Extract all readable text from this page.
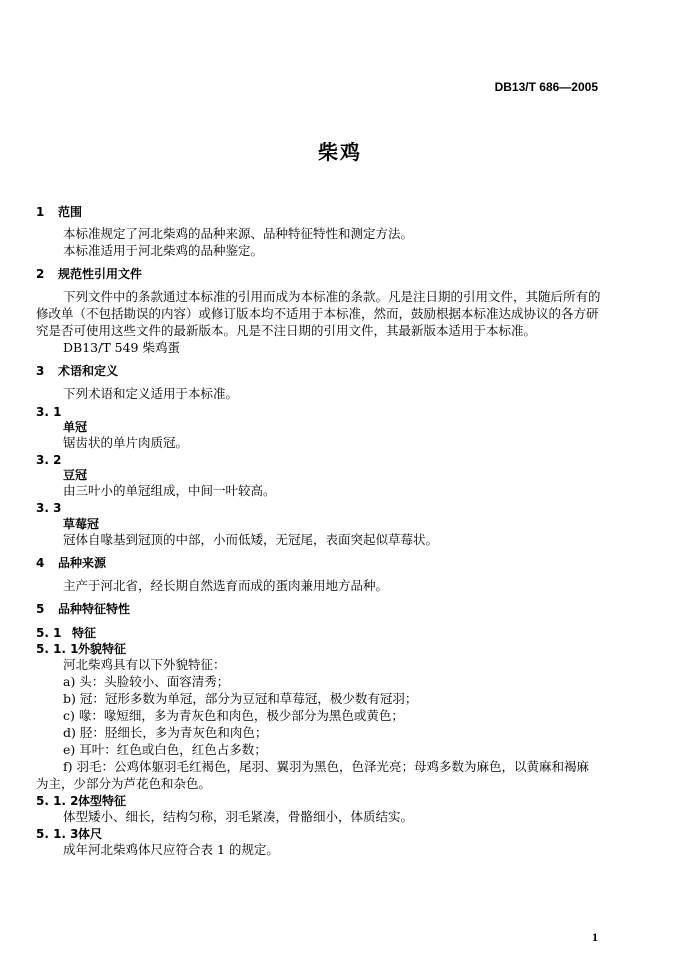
DB13/T 686—2005
柴鸡
1 范围
本标准规定了河北柴鸡的品种来源、品种特征特性和测定方法。
本标准适用于河北柴鸡的品种鉴定。
2 规范性引用文件
下列文件中的条款通过本标准的引用而成为本标准的条款。凡是注日期的引用文件，其随后所有的
修改单（不包括勘误的内容）或修订版本均不适用于本标准，然而，鼓励根据本标准达成协议的各方研
究是否可使用这些文件的最新版本。凡是不注日期的引用文件，其最新版本适用于本标准。
DB13/T 549 柴鸡蛋
3 术语和定义
下列术语和定义适用于本标准。
3. 1
单冠
锯齿状的单片肉质冠。
3. 2
豆冠
由三叶小的单冠组成，中间一叶较高。
3. 3
草莓冠
冠体自喙基到冠顶的中部，小而低矮，无冠尾，表面突起似草莓状。
4 品种来源
主产于河北省，经长期自然选育而成的蛋肉兼用地方品种。
5 品种特征特性
5. 1 特征
5. 1. 1外貌特征
河北柴鸡具有以下外貌特征：
a) 头：头脸较小、面容清秀；
b) 冠：冠形多数为单冠，部分为豆冠和草莓冠，极少数有冠羽；
c) 喙：喙短细，多为青灰色和肉色，极少部分为黑色或黄色；
d) 胫：胫细长，多为青灰色和肉色；
e) 耳叶：红色或白色，红色占多数；
f) 羽毛：公鸡体躯羽毛红褐色，尾羽、翼羽为黑色，色泽光亮；母鸡多数为麻色，以黄麻和褐麻
为主，少部分为芦花色和杂色。
5. 1. 2体型特征
体型矮小、细长，结构匀称，羽毛紧凑，骨骼细小，体质结实。
5. 1. 3体尺
成年河北柴鸡体尺应符合表 1 的规定。
1
